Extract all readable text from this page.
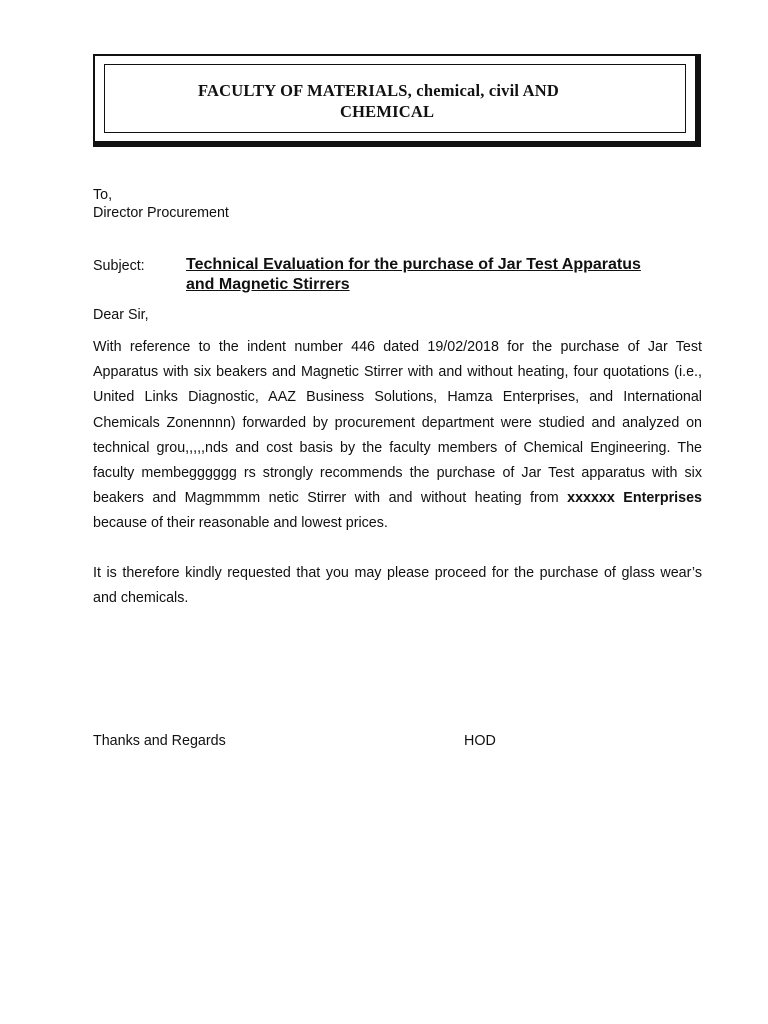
FACULTY OF MATERIALS, chemical, civil AND

CHEMICAL

To,

Director Procurement

Subject:	Technical Evaluation for the purchase of Jar Test Apparatus
and Magnetic Stirrers

Dear Sir,

With reference to the indent number 446 dated 19/02/2018 for the purchase of Jar Test Apparatus with six beakers and Magnetic Stirrer with and without heating, four quotations (i.e., United Links Diagnostic, AAZ Business Solutions, Hamza Enterprises, and International Chemicals Zonennnn) forwarded by procurement department were studied and analyzed on technical grou,,,,,nds and cost basis by the faculty members of Chemical Engineering. The faculty membegggggg rs strongly recommends the purchase of Jar Test apparatus with six beakers and Magmmmm netic Stirrer with and without heating from xxxxxx Enterprises because of their reasonable and lowest prices.

It is therefore kindly requested that you may please proceed for the purchase of glass wear’s and chemicals.

Thanks and Regards	HOD
